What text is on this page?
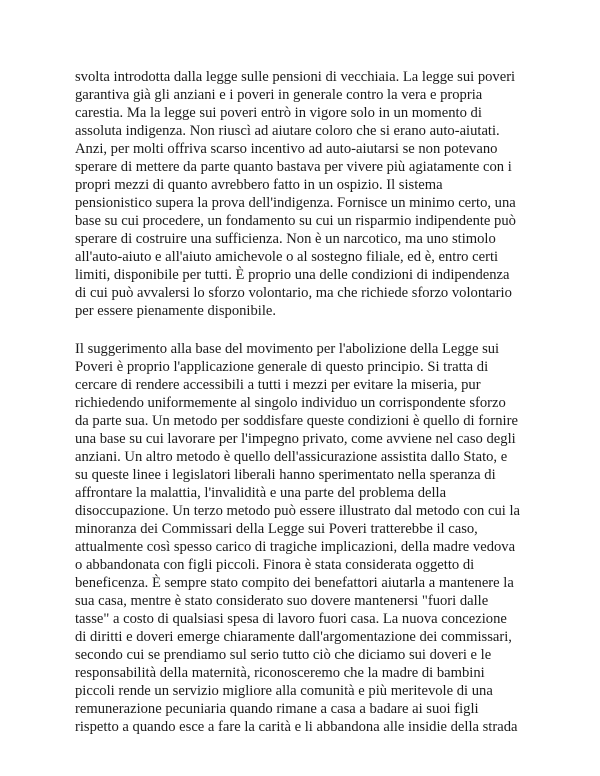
svolta introdotta dalla legge sulle pensioni di vecchiaia. La legge sui poveri
garantiva già gli anziani e i poveri in generale contro la vera e propria
carestia. Ma la legge sui poveri entrò in vigore solo in un momento di
assoluta indigenza. Non riuscì ad aiutare coloro che si erano auto-aiutati.
Anzi, per molti offriva scarso incentivo ad auto-aiutarsi se non potevano
sperare di mettere da parte quanto bastava per vivere più agiatamente con i
propri mezzi di quanto avrebbero fatto in un ospizio. Il sistema
pensionistico supera la prova dell'indigenza. Fornisce un minimo certo, una
base su cui procedere, un fondamento su cui un risparmio indipendente può
sperare di costruire una sufficienza. Non è un narcotico, ma uno stimolo
all'auto-aiuto e all'aiuto amichevole o al sostegno filiale, ed è, entro certi
limiti, disponibile per tutti. È proprio una delle condizioni di indipendenza
di cui può avvalersi lo sforzo volontario, ma che richiede sforzo volontario
per essere pienamente disponibile.

Il suggerimento alla base del movimento per l'abolizione della Legge sui
Poveri è proprio l'applicazione generale di questo principio. Si tratta di
cercare di rendere accessibili a tutti i mezzi per evitare la miseria, pur
richiedendo uniformemente al singolo individuo un corrispondente sforzo
da parte sua. Un metodo per soddisfare queste condizioni è quello di fornire
una base su cui lavorare per l'impegno privato, come avviene nel caso degli
anziani. Un altro metodo è quello dell'assicurazione assistita dallo Stato, e
su queste linee i legislatori liberali hanno sperimentato nella speranza di
affrontare la malattia, l'invalidità e una parte del problema della
disoccupazione. Un terzo metodo può essere illustrato dal metodo con cui la
minoranza dei Commissari della Legge sui Poveri tratterebbe il caso,
attualmente così spesso carico di tragiche implicazioni, della madre vedova
o abbandonata con figli piccoli. Finora è stata considerata oggetto di
beneficenza. È sempre stato compito dei benefattori aiutarla a mantenere la
sua casa, mentre è stato considerato suo dovere mantenersi "fuori dalle
tasse" a costo di qualsiasi spesa di lavoro fuori casa. La nuova concezione
di diritti e doveri emerge chiaramente dall'argomentazione dei commissari,
secondo cui se prendiamo sul serio tutto ciò che diciamo sui doveri e le
responsabilità della maternità, riconosceremo che la madre di bambini
piccoli rende un servizio migliore alla comunità e più meritevole di una
remunerazione pecuniaria quando rimane a casa a badare ai suoi figli
rispetto a quando esce a fare la carità e li abbandona alle insidie della strada
